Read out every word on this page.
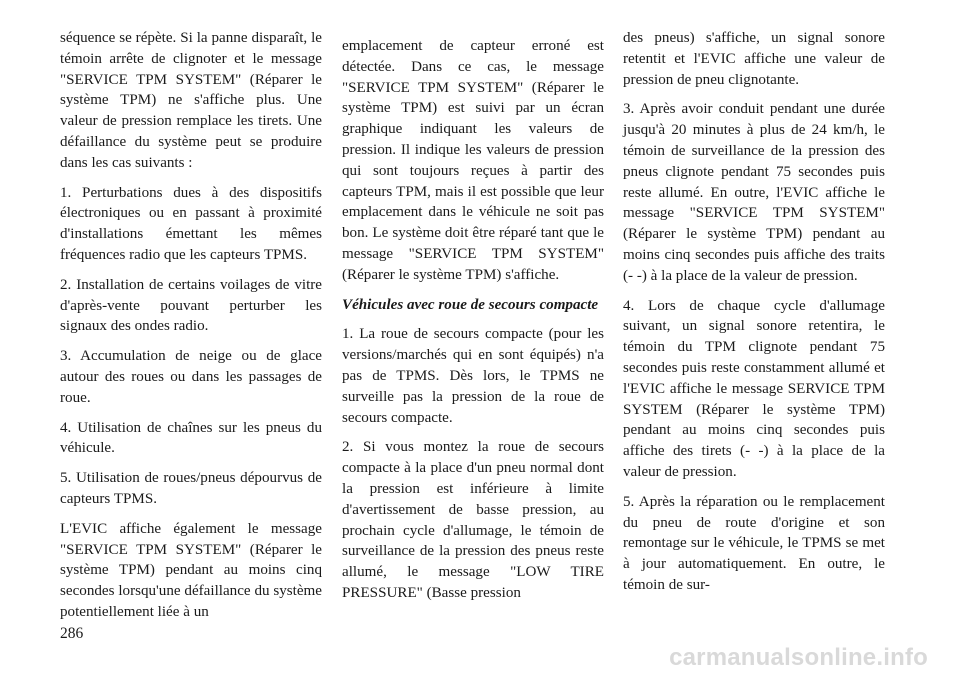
séquence se répète. Si la panne disparaît, le témoin arrête de clignoter et le message "SERVICE TPM SYSTEM" (Réparer le système TPM) ne s'affiche plus. Une valeur de pression remplace les tirets. Une défaillance du système peut se produire dans les cas suivants :

1. Perturbations dues à des dispositifs électroniques ou en passant à proximité d'installations émettant les mêmes fréquences radio que les capteurs TPMS.

2. Installation de certains voilages de vitre d'après-vente pouvant perturber les signaux des ondes radio.

3. Accumulation de neige ou de glace autour des roues ou dans les passages de roue.

4. Utilisation de chaînes sur les pneus du véhicule.

5. Utilisation de roues/pneus dépourvus de capteurs TPMS.

L'EVIC affiche également le message "SERVICE TPM SYSTEM" (Réparer le système TPM) pendant au moins cinq secondes lorsqu'une défaillance du système potentiellement liée à un

emplacement de capteur erroné est détectée. Dans ce cas, le message "SERVICE TPM SYSTEM" (Réparer le système TPM) est suivi par un écran graphique indiquant les valeurs de pression. Il indique les valeurs de pression qui sont toujours reçues à partir des capteurs TPM, mais il est possible que leur emplacement dans le véhicule ne soit pas bon. Le système doit être réparé tant que le message "SERVICE TPM SYSTEM" (Réparer le système TPM) s'affiche.

Véhicules avec roue de secours compacte

1. La roue de secours compacte (pour les versions/marchés qui en sont équipés) n'a pas de TPMS. Dès lors, le TPMS ne surveille pas la pression de la roue de secours compacte.

2. Si vous montez la roue de secours compacte à la place d'un pneu normal dont la pression est inférieure à limite d'avertissement de basse pression, au prochain cycle d'allumage, le témoin de surveillance de la pression des pneus reste allumé, le message "LOW TIRE PRESSURE" (Basse pression

des pneus) s'affiche, un signal sonore retentit et l'EVIC affiche une valeur de pression de pneu clignotante.

3. Après avoir conduit pendant une durée jusqu'à 20 minutes à plus de 24 km/h, le témoin de surveillance de la pression des pneus clignote pendant 75 secondes puis reste allumé. En outre, l'EVIC affiche le message "SERVICE TPM SYSTEM" (Réparer le système TPM) pendant au moins cinq secondes puis affiche des traits (- -) à la place de la valeur de pression.

4. Lors de chaque cycle d'allumage suivant, un signal sonore retentira, le témoin du TPM clignote pendant 75 secondes puis reste constamment allumé et l'EVIC affiche le message SERVICE TPM SYSTEM (Réparer le système TPM) pendant au moins cinq secondes puis affiche des tirets (- -) à la place de la valeur de pression.

5. Après la réparation ou le remplacement du pneu de route d'origine et son remontage sur le véhicule, le TPMS se met à jour automatiquement. En outre, le témoin de sur-

286
carmanualsonline.info
